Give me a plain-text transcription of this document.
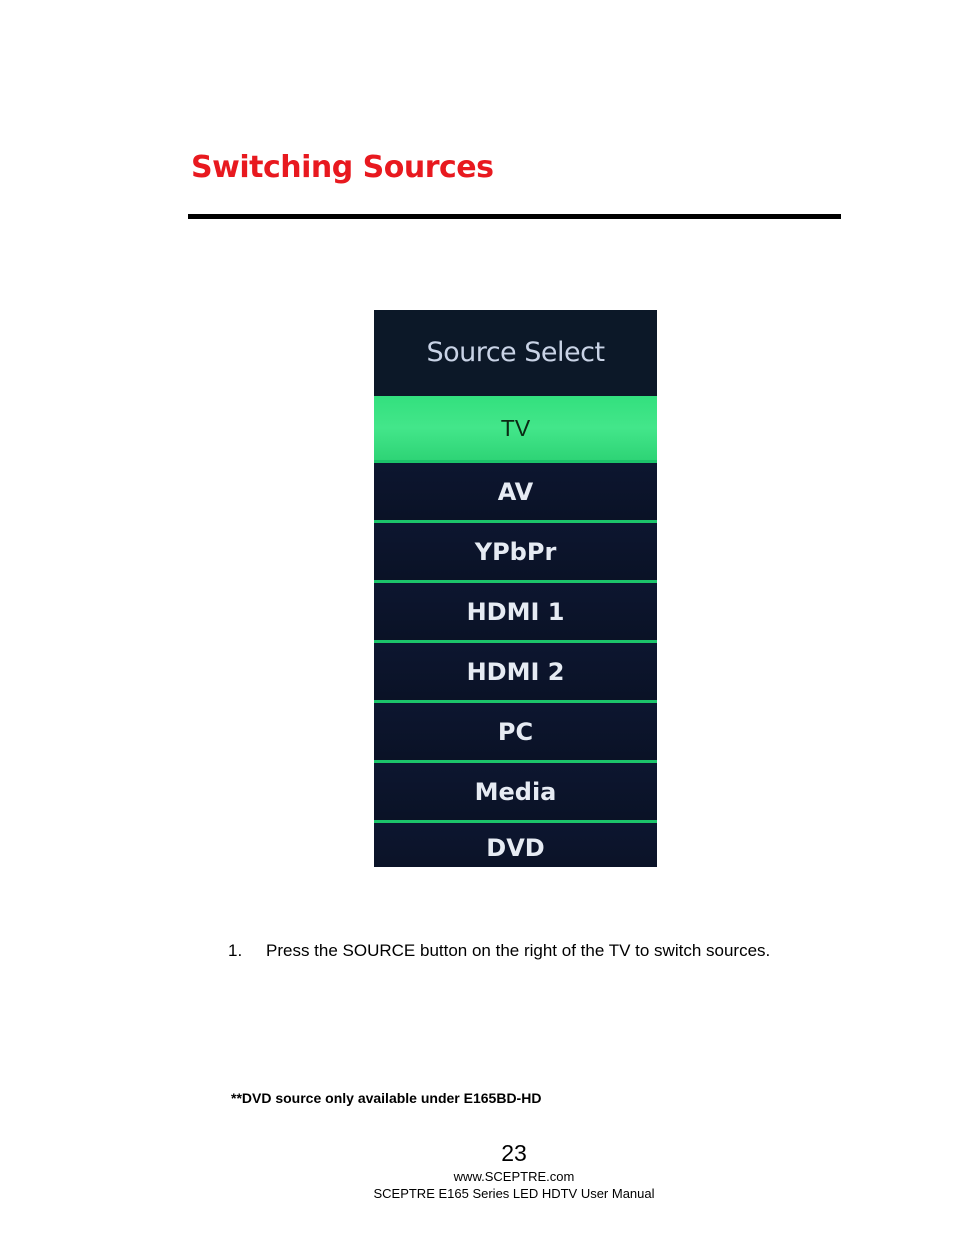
Switching Sources
Source Select
TV
AV
YPbPr
HDMI 1
HDMI 2
PC
Media
DVD
1.	Press the SOURCE button on the right of the TV to switch sources.
**DVD source only available under E165BD-HD
23
www.SCEPTRE.com
SCEPTRE E165 Series LED HDTV User Manual
